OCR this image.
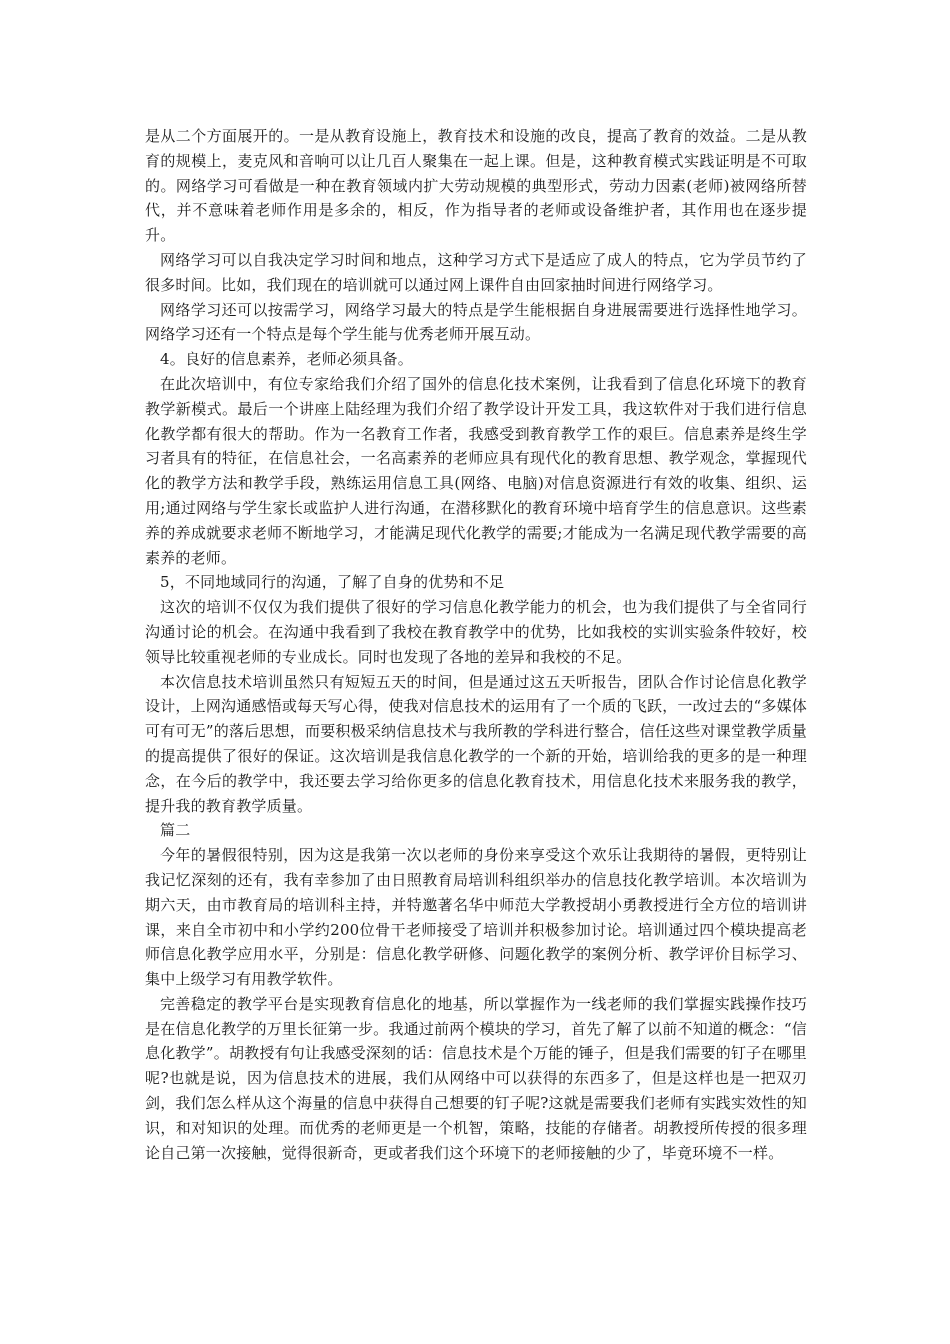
是从二个方面展开的。一是从教育设施上，教育技术和设施的改良，提高了教育的效益。二是从教育的规模上，麦克风和音响可以让几百人聚集在一起上课。但是，这种教育模式实践证明是不可取的。网络学习可看做是一种在教育领域内扩大劳动规模的典型形式，劳动力因素(老师)被网络所替代，并不意味着老师作用是多余的，相反，作为指导者的老师或设备维护者，其作用也在逐步提升。

网络学习可以自我决定学习时间和地点，这种学习方式下是适应了成人的特点，它为学员节约了很多时间。比如，我们现在的培训就可以通过网上课件自由回家抽时间进行网络学习。

网络学习还可以按需学习，网络学习最大的特点是学生能根据自身进展需要进行选择性地学习。网络学习还有一个特点是每个学生能与优秀老师开展互动。

4。良好的信息素养，老师必须具备。

在此次培训中，有位专家给我们介绍了国外的信息化技术案例，让我看到了信息化环境下的教育教学新模式。最后一个讲座上陆经理为我们介绍了教学设计开发工具，我这软件对于我们进行信息化教学都有很大的帮助。作为一名教育工作者，我感受到教育教学工作的艰巨。信息素养是终生学习者具有的特征，在信息社会，一名高素养的老师应具有现代化的教育思想、教学观念，掌握现代化的教学方法和教学手段，熟练运用信息工具(网络、电脑)对信息资源进行有效的收集、组织、运用;通过网络与学生家长或监护人进行沟通，在潜移默化的教育环境中培育学生的信息意识。这些素养的养成就要求老师不断地学习，才能满足现代化教学的需要;才能成为一名满足现代教学需要的高素养的老师。

5，不同地域同行的沟通，了解了自身的优势和不足

这次的培训不仅仅为我们提供了很好的学习信息化教学能力的机会，也为我们提供了与全省同行沟通讨论的机会。在沟通中我看到了我校在教育教学中的优势，比如我校的实训实验条件较好，校领导比较重视老师的专业成长。同时也发现了各地的差异和我校的不足。

本次信息技术培训虽然只有短短五天的时间，但是通过这五天听报告，团队合作讨论信息化教学设计，上网沟通感悟或每天写心得，使我对信息技术的运用有了一个质的飞跃，一改过去的“多媒体可有可无”的落后思想，而要积极采纳信息技术与我所教的学科进行整合，信任这些对课堂教学质量的提高提供了很好的保证。这次培训是我信息化教学的一个新的开始，培训给我的更多的是一种理念，在今后的教学中，我还要去学习给你更多的信息化教育技术，用信息化技术来服务我的教学，提升我的教育教学质量。

篇二

今年的暑假很特别，因为这是我第一次以老师的身份来享受这个欢乐让我期待的暑假，更特别让我记忆深刻的还有，我有幸参加了由日照教育局培训科组织举办的信息技化教学培训。本次培训为期六天，由市教育局的培训科主持，并特邀著名华中师范大学教授胡小勇教授进行全方位的培训讲课，来自全市初中和小学约200位骨干老师接受了培训并积极参加讨论。培训通过四个模块提高老师信息化教学应用水平，分别是：信息化教学研修、问题化教学的案例分析、教学评价目标学习、集中上级学习有用教学软件。

完善稳定的教学平台是实现教育信息化的地基，所以掌握作为一线老师的我们掌握实践操作技巧是在信息化教学的万里长征第一步。我通过前两个模块的学习，首先了解了以前不知道的概念：“信息化教学”。胡教授有句让我感受深刻的话：信息技术是个万能的锤子，但是我们需要的钉子在哪里呢?也就是说，因为信息技术的进展，我们从网络中可以获得的东西多了，但是这样也是一把双刃剑，我们怎么样从这个海量的信息中获得自己想要的钉子呢?这就是需要我们老师有实践实效性的知识，和对知识的处理。而优秀的老师更是一个机智，策略，技能的存储者。胡教授所传授的很多理论自己第一次接触，觉得很新奇，更或者我们这个环境下的老师接触的少了，毕竟环境不一样。
